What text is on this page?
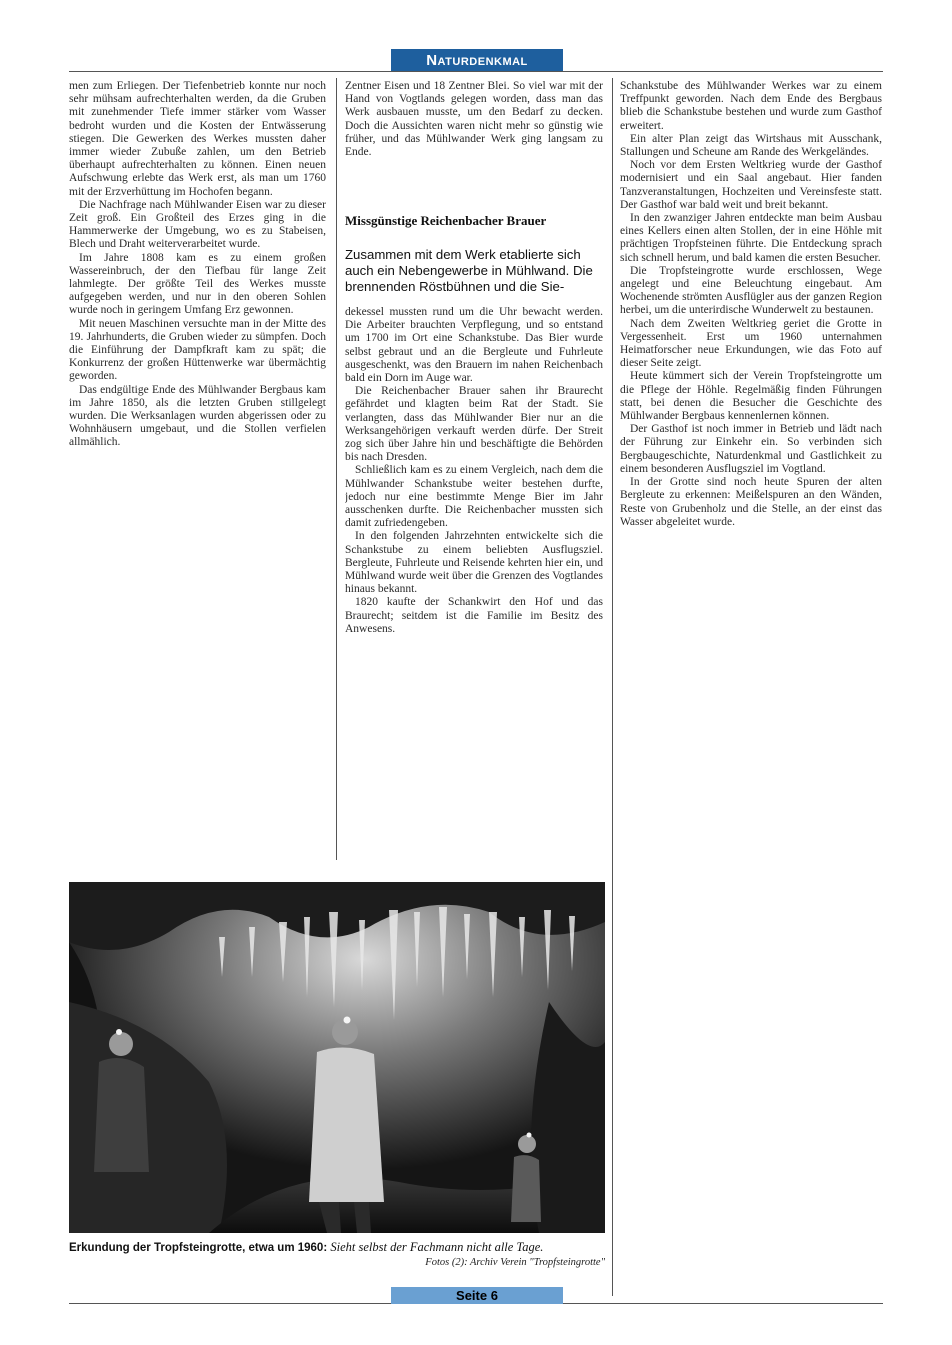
Naturdenkmal

men zum Erliegen. Der Tiefenbetrieb konnte nur noch sehr mühsam aufrechterhalten werden, da die Gruben mit zunehmender Tiefe immer stärker vom Wasser bedroht wurden und die Kosten der Entwässerung stiegen. Die Gewerken des Werkes mussten daher immer wieder Zubuße zahlen, um den Betrieb überhaupt aufrechterhalten zu können. Einen neuen Aufschwung erlebte das Werk erst, als man um 1760 mit der Erzverhüttung im Hochofen begann.

Die Nachfrage nach Mühlwander Eisen war zu dieser Zeit groß. Ein Großteil des Erzes ging in die Hammerwerke der Umgebung, wo es zu Stabeisen, Blech und Draht weiterverarbeitet wurde.

Im Jahre 1808 kam es zu einem großen Wassereinbruch, der den Tiefbau für lange Zeit lahmlegte. Der größte Teil des Werkes musste aufgegeben werden, und nur in den oberen Sohlen wurde noch in geringem Umfang Erz gewonnen.

Mit neuen Maschinen versuchte man in der Mitte des 19. Jahrhunderts, die Gruben wieder zu sümpfen. Doch die Einführung der Dampfkraft kam zu spät; die Konkurrenz der großen Hüttenwerke war übermächtig geworden.

Das endgültige Ende des Mühlwander Bergbaus kam im Jahre 1850, als die letzten Gruben stillgelegt wurden. Die Werksanlagen wurden abgerissen oder zu Wohnhäusern umgebaut, und die Stollen verfielen allmählich.

Zentner Eisen und 18 Zentner Blei. So viel war mit der Hand von Vogtlands gelegen worden, dass man das Werk ausbauen musste, um den Bedarf zu decken. Doch die Aussichten waren nicht mehr so günstig wie früher, und das Mühlwander Werk ging langsam zu Ende.

Missgünstige Reichenbacher Brauer
Zusammen mit dem Werk etablierte sich auch ein Nebengewerbe in Mühlwand. Die brennenden Röstbühnen und die Sie-

dekessel mussten rund um die Uhr bewacht werden. Die Arbeiter brauchten Verpflegung, und so entstand um 1700 im Ort eine Schankstube. Das Bier wurde selbst gebraut und an die Bergleute und Fuhrleute ausgeschenkt, was den Brauern im nahen Reichenbach bald ein Dorn im Auge war.

Die Reichenbacher Brauer sahen ihr Braurecht gefährdet und klagten beim Rat der Stadt. Sie verlangten, dass das Mühlwander Bier nur an die Werksangehörigen verkauft werden dürfe. Der Streit zog sich über Jahre hin und beschäftigte die Behörden bis nach Dresden.

Schließlich kam es zu einem Vergleich, nach dem die Mühlwander Schankstube weiter bestehen durfte, jedoch nur eine bestimmte Menge Bier im Jahr ausschenken durfte. Die Reichenbacher mussten sich damit zufriedengeben.

In den folgenden Jahrzehnten entwickelte sich die Schankstube zu einem beliebten Ausflugsziel. Bergleute, Fuhrleute und Reisende kehrten hier ein, und Mühlwand wurde weit über die Grenzen des Vogtlandes hinaus bekannt.

1820 kaufte der Schankwirt den Hof und das Braurecht; seitdem ist die Familie im Besitz des Anwesens.

Schankstube des Mühlwander Werkes war zu einem Treffpunkt geworden. Nach dem Ende des Bergbaus blieb die Schankstube bestehen und wurde zum Gasthof erweitert.

Ein alter Plan zeigt das Wirtshaus mit Ausschank, Stallungen und Scheune am Rande des Werkgeländes.

Noch vor dem Ersten Weltkrieg wurde der Gasthof modernisiert und ein Saal angebaut. Hier fanden Tanzveranstaltungen, Hochzeiten und Vereinsfeste statt. Der Gasthof war bald weit und breit bekannt.

In den zwanziger Jahren entdeckte man beim Ausbau eines Kellers einen alten Stollen, der in eine Höhle mit prächtigen Tropfsteinen führte. Die Entdeckung sprach sich schnell herum, und bald kamen die ersten Besucher.

Die Tropfsteingrotte wurde erschlossen, Wege angelegt und eine Beleuchtung eingebaut. Am Wochenende strömten Ausflügler aus der ganzen Region herbei, um die unterirdische Wunderwelt zu bestaunen.

Nach dem Zweiten Weltkrieg geriet die Grotte in Vergessenheit. Erst um 1960 unternahmen Heimatforscher neue Erkundungen, wie das Foto auf dieser Seite zeigt.

Heute kümmert sich der Verein Tropfsteingrotte um die Pflege der Höhle. Regelmäßig finden Führungen statt, bei denen die Besucher die Geschichte des Mühlwander Bergbaus kennenlernen können.

Der Gasthof ist noch immer in Betrieb und lädt nach der Führung zur Einkehr ein. So verbinden sich Bergbaugeschichte, Naturdenkmal und Gastlichkeit zu einem besonderen Ausflugsziel im Vogtland.

In der Grotte sind noch heute Spuren der alten Bergleute zu erkennen: Meißelspuren an den Wänden, Reste von Grubenholz und die Stelle, an der einst das Wasser abgeleitet wurde.

Erkundung der Tropfsteingrotte, etwa um 1960: Sieht selbst der Fachmann nicht alle Tage.
Fotos (2): Archiv Verein "Tropfsteingrotte"
Seite 6
